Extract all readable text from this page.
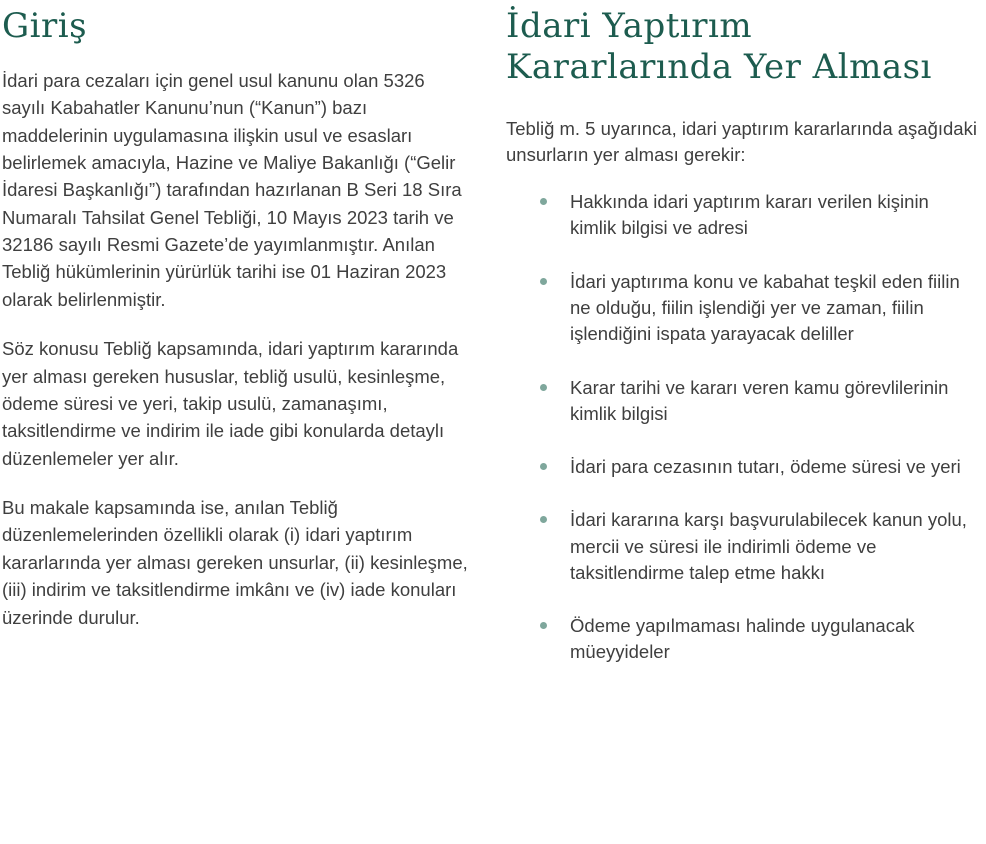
Giriş

İdari para cezaları için genel usul kanunu olan 5326 sayılı Kabahatler Kanunu’nun (“Kanun”) bazı maddelerinin uygulamasına ilişkin usul ve esasları belirlemek amacıyla, Hazine ve Maliye Bakanlığı (“Gelir İdaresi Başkanlığı”) tarafından hazırlanan B Seri 18 Sıra Numaralı Tahsilat Genel Tebliği, 10 Mayıs 2023 tarih ve 32186 sayılı Resmi Gazete’de yayımlanmıştır. Anılan Tebliğ hükümlerinin yürürlük tarihi ise 01 Haziran 2023 olarak belirlenmiştir.

Söz konusu Tebliğ kapsamında, idari yaptırım kararında yer alması gereken hususlar, tebliğ usulü, kesinleşme, ödeme süresi ve yeri, takip usulü, zamanaşımı, taksitlendirme ve indirim ile iade gibi konularda detaylı düzenlemeler yer alır.

Bu makale kapsamında ise, anılan Tebliğ düzenlemelerinden özellikli olarak (i) idari yaptırım kararlarında yer alması gereken unsurlar, (ii) kesinleşme, (iii) indirim ve taksitlendirme imkânı ve (iv) iade konuları üzerinde durulur.

İdari Yaptırım Kararlarında Yer Alması

Tebliğ m. 5 uyarınca, idari yaptırım kararlarında aşağıdaki unsurların yer alması gerekir:

Hakkında idari yaptırım kararı verilen kişinin kimlik bilgisi ve adresi
İdari yaptırıma konu ve kabahat teşkil eden fiilin ne olduğu, fiilin işlendiği yer ve zaman, fiilin işlendiğini ispata yarayacak deliller
Karar tarihi ve kararı veren kamu görevlilerinin kimlik bilgisi
İdari para cezasının tutarı, ödeme süresi ve yeri
İdari kararına karşı başvurulabilecek kanun yolu, mercii ve süresi ile indirimli ödeme ve taksitlendirme talep etme hakkı
Ödeme yapılmaması halinde uygulanacak müeyyideler
